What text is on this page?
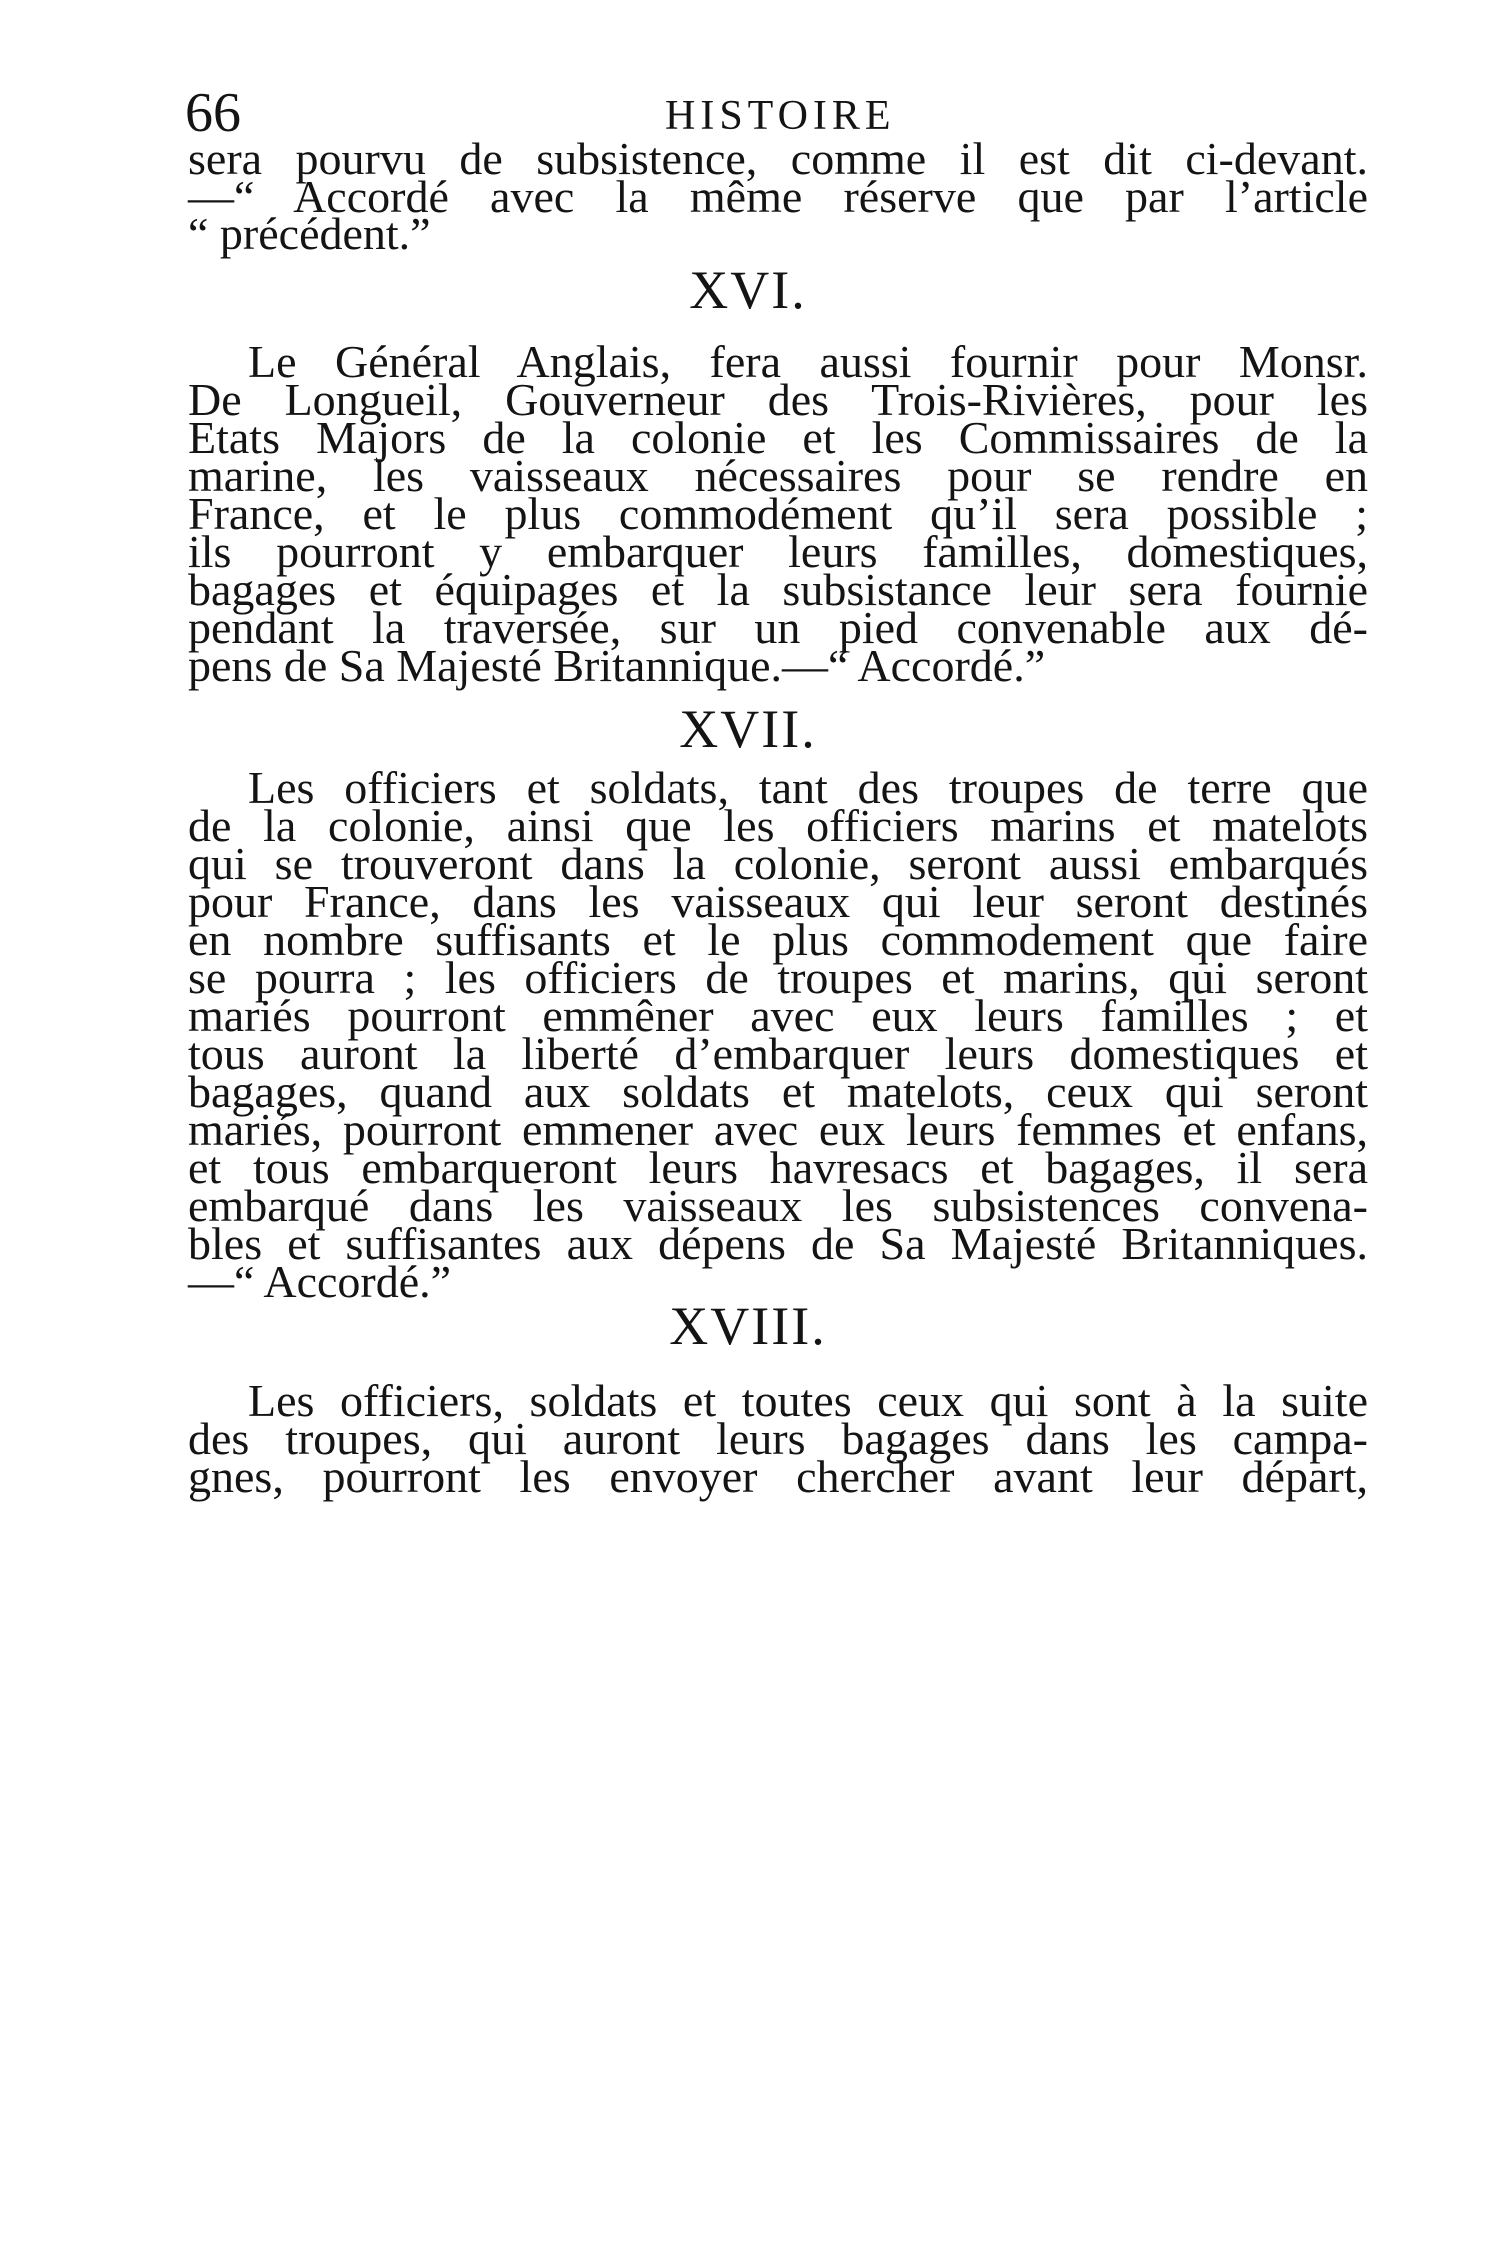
66	HISTOIRE
sera pourvu de subsistence, comme il est dit ci-devant.
—“ Accordé avec la même réserve que par l’article
“ précédent.”
XVI.
Le Général Anglais, fera aussi fournir pour Monsr.
De Longueil, Gouverneur des Trois-Rivières, pour les
Etats Majors de la colonie et les Commissaires de la
marine, les vaisseaux nécessaires pour se rendre en
France, et le plus commodément qu’il sera possible ;
ils pourront y embarquer leurs familles, domestiques,
bagages et équipages et la subsistance leur sera fournie
pendant la traversée, sur un pied convenable aux dé-
pens de Sa Majesté Britannique.—“ Accordé.”
XVII.
Les officiers et soldats, tant des troupes de terre que
de la colonie, ainsi que les officiers marins et matelots
qui se trouveront dans la colonie, seront aussi embarqués
pour France, dans les vaisseaux qui leur seront destinés
en nombre suffisants et le plus commodement que faire
se pourra ; les officiers de troupes et marins, qui seront
mariés pourront emmêner avec eux leurs familles ; et
tous auront la liberté d’embarquer leurs domestiques et
bagages, quand aux soldats et matelots, ceux qui seront
mariés, pourront emmener avec eux leurs femmes et enfans,
et tous embarqueront leurs havresacs et bagages, il sera
embarqué dans les vaisseaux les subsistences convena-
bles et suffisantes aux dépens de Sa Majesté Britanniques.
—“ Accordé.”
XVIII.
Les officiers, soldats et toutes ceux qui sont à la suite
des troupes, qui auront leurs bagages dans les campa-
gnes, pourront les envoyer chercher avant leur départ,
